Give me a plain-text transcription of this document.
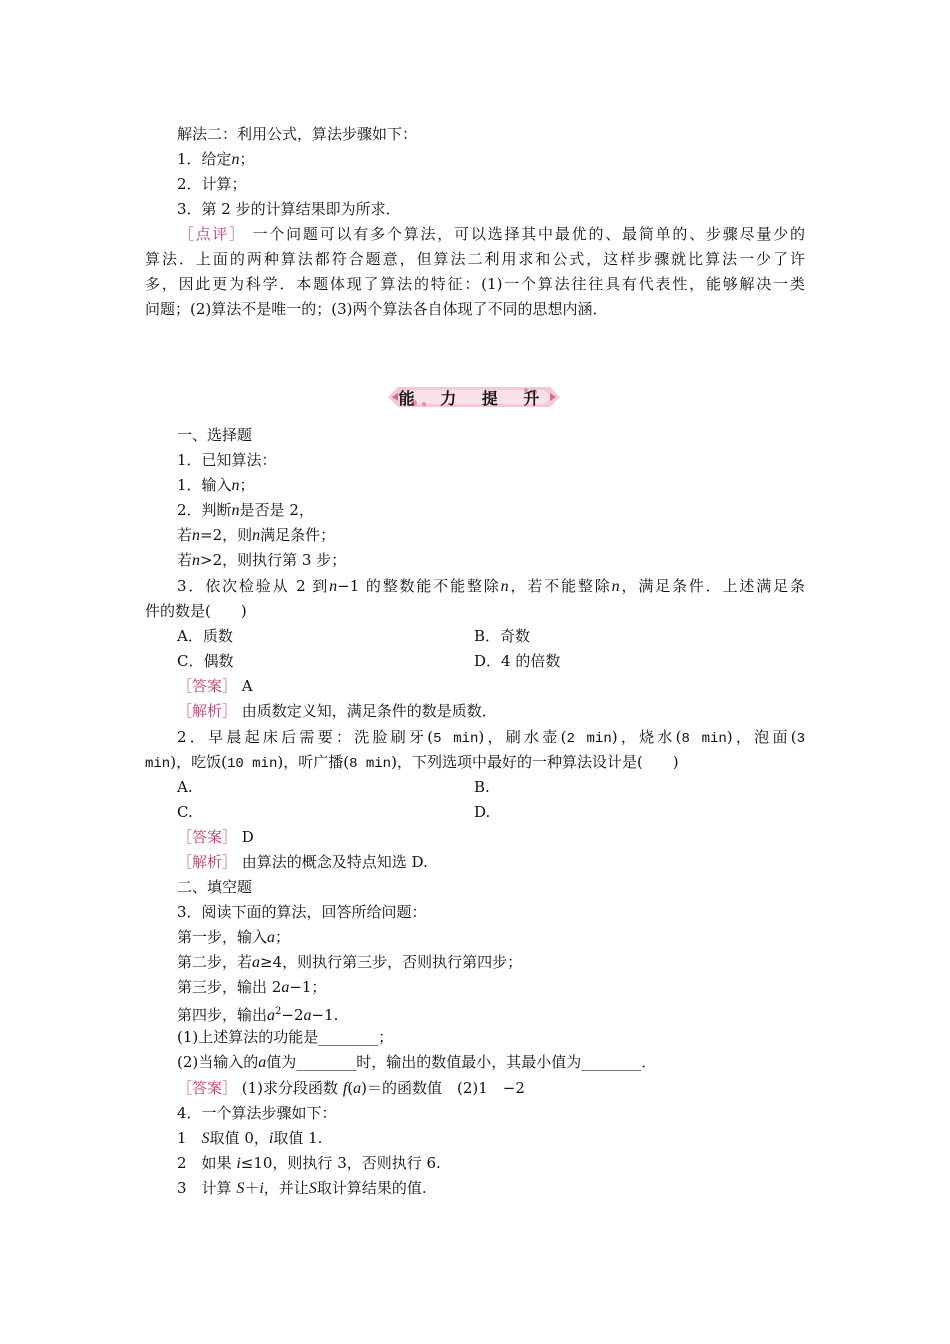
解法二：利用公式，算法步骤如下：
1．给定n；
2．计算；
3．第 2 步的计算结果即为所求．
［点评］ 一个问题可以有多个算法，可以选择其中最优的、最简单的、步骤尽量少的
算法．上面的两种算法都符合题意，但算法二利用求和公式，这样步骤就比算法一少了许
多，因此更为科学．本题体现了算法的特征：(1)一个算法往往具有代表性，能够解决一类
问题；(2)算法不是唯一的；(3)两个算法各自体现了不同的思想内涵．
能 力 提 升
一、选择题
1．已知算法：
1．输入n；
2．判断n是否是 2，
若n=2，则n满足条件；
若n>2，则执行第 3 步；
3．依次检验从 2 到n−1 的整数能不能整除n，若不能整除n，满足条件．上述满足条
件的数是(　　)
A．质数	B．奇数
C．偶数	D．4 的倍数
［答案］ A
［解析］ 由质数定义知，满足条件的数是质数．
2．早晨起床后需要：洗脸刷牙(5 min)，刷水壶(2 min)，烧水(8 min)，泡面(3
min)，吃饭(10 min)，听广播(8 min)，下列选项中最好的一种算法设计是(　　)
A.	B.
C.	D.
［答案］ D
［解析］ 由算法的概念及特点知选 D.
二、填空题
3．阅读下面的算法，回答所给问题：
第一步，输入a；
第二步，若a≥4，则执行第三步，否则执行第四步；
第三步，输出 2a−1；
第四步，输出$a^2-2a-1$.
(1)上述算法的功能是________；
(2)当输入的a值为________时，输出的数值最小，其最小值为________．
［答案］ (1)求分段函数 f(a)＝的函数值　(2)1　−2
4．一个算法步骤如下：
1　S取值 0，i取值 1.
2　如果 i≤10，则执行 3，否则执行 6.
3　计算 S＋i，并让S取计算结果的值.
